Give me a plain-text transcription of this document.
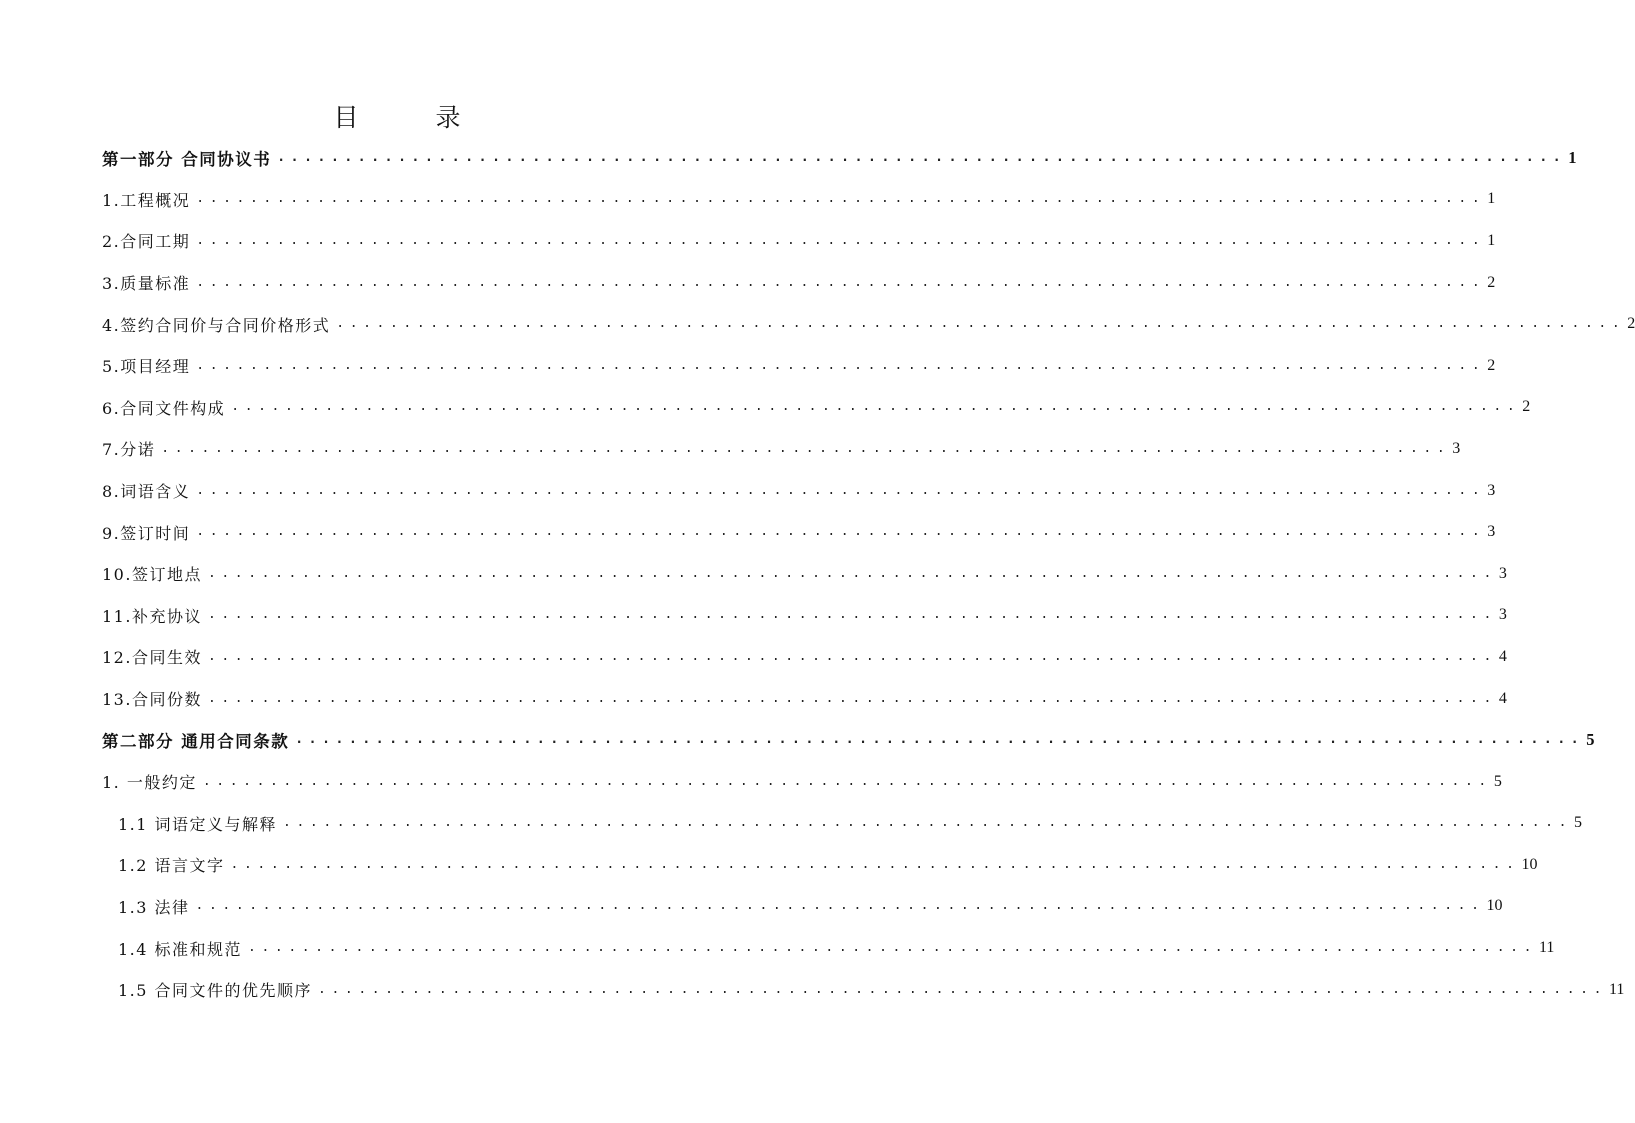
目　录
第一部分 合同协议书 ................................................................................................ 1
1.工程概况 ................................................................................................ 1
2.合同工期 ................................................................................................ 1
3.质量标准 ................................................................................................ 2
4.签约合同价与合同价格形式 ................................................................................................ 2
5.项目经理 ................................................................................................ 2
6.合同文件构成 ................................................................................................ 2
7.分诺 ................................................................................................ 3
8.词语含义 ................................................................................................ 3
9.签订时间 ................................................................................................ 3
10.签订地点 ................................................................................................ 3
11.补充协议 ................................................................................................ 3
12.合同生效 ................................................................................................ 4
13.合同份数 ................................................................................................ 4
第二部分 通用合同条款 ................................................................................................ 5
1. 一般约定 ................................................................................................ 5
1.1 词语定义与解释 ................................................................................................ 5
1.2 语言文字 ................................................................................................ 10
1.3 法律 ................................................................................................ 10
1.4 标准和规范 ................................................................................................ 11
1.5 合同文件的优先顺序 ................................................................................................ 11
